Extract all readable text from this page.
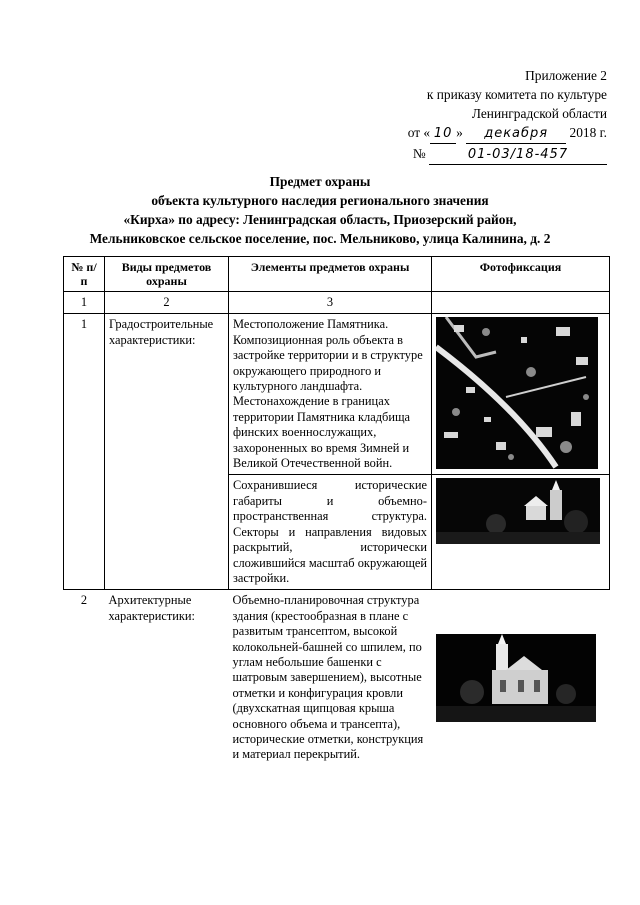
Приложение 2
к приказу комитета по культуре
Ленинградской области
от « 10 » декабря 2018 г.
№	01-03/18-457
Предмет охраны
объекта культурного наследия регионального значения
«Кирха» по адресу: Ленинградская область, Приозерский район,
Мельниковское сельское поселение, пос. Мельниково, улица Калинина, д. 2
№ п/п	Виды предметов охраны	Элементы предметов охраны	Фотофиксация
1	2	3	
1	Градостроительные характеристики:	Местоположение Памятника. Композиционная роль объекта в застройке территории и в структуре окружающего природного и культурного ландшафта. Местонахождение в границах территории Памятника кладбища финских военнослужащих, захороненных во время Зимней и Великой Отечественной войн.	

		Сохранившиеся исторические габариты и объемно-пространственная структура. Секторы и направления видовых раскрытий, исторически сложившийся масштаб окружающей застройки.	

2	Архитектурные характеристики:	Объемно-планировочная структура здания (крестообразная в плане с развитым трансептом, высокой колокольней-башней со шпилем, по углам небольшие башенки с шатровым завершением), высотные отметки и конфигурация кровли (двухскатная щипцовая крыша основного объема и трансепта), исторические отметки, конструкция и материал перекрытий.	
